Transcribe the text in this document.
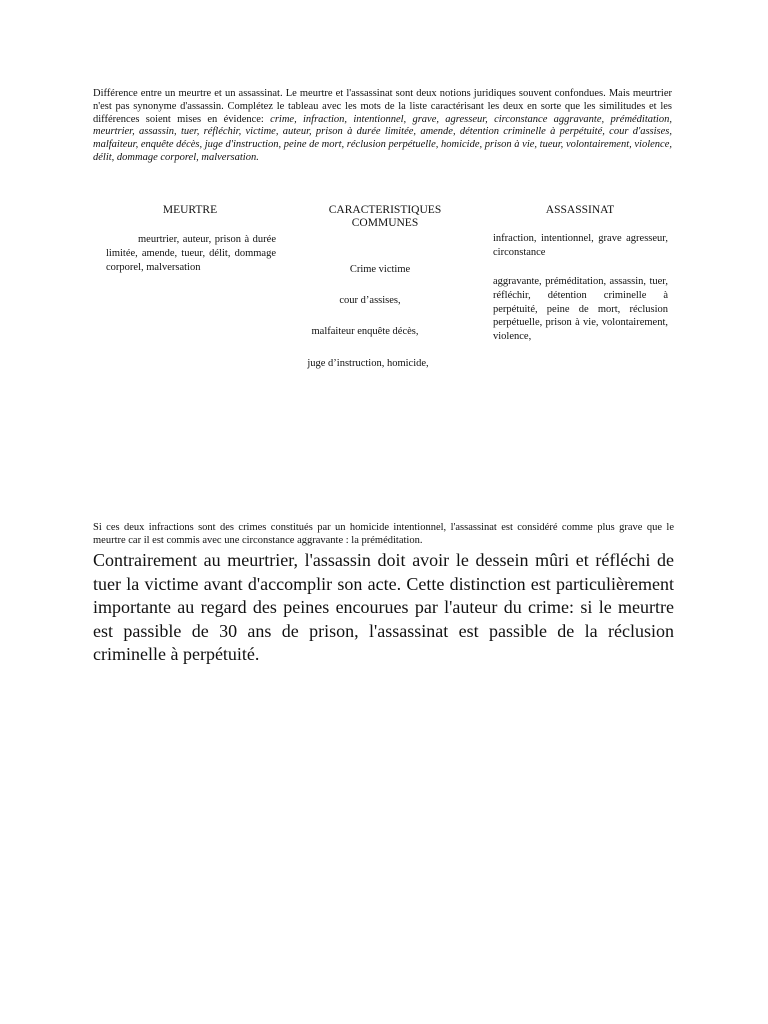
Différence entre un meurtre et un assassinat. Le meurtre et l'assassinat sont deux notions juridiques souvent confondues. Mais meurtrier n'est pas synonyme d'assassin. Complétez le tableau avec les mots de la liste caractérisant les deux en sorte que les similitudes et les différences soient mises en évidence: crime, infraction, intentionnel, grave, agresseur, circonstance aggravante, préméditation, meurtrier, assassin, tuer, réfléchir, victime, auteur, prison à durée limitée, amende, détention criminelle à perpétuité, cour d'assises, malfaiteur, enquête décès, juge d'instruction, peine de mort, réclusion perpétuelle, homicide, prison à vie, tueur, volontairement, violence, délit, dommage corporel, malversation.

MEURTRE	CARACTERISTIQUES COMMUNES
ASSASSINAT
meurtrier, auteur, prison à durée limitée, amende, tueur, délit, dommage corporel, malversation	Crime victime
cour d’assises,
malfaiteur enquête décès,
juge d’instruction, homicide,
infraction, intentionnel, grave agresseur, circonstance
aggravante, préméditation, assassin, tuer, réfléchir, détention criminelle à perpétuité, peine de mort, réclusion perpétuelle, prison à vie, volontairement, violence,

Si ces deux infractions sont des crimes constitués par un homicide intentionnel, l'assassinat est considéré comme plus grave que le meurtre car il est commis avec une circonstance aggravante : la préméditation.

Contrairement au meurtrier, l'assassin doit avoir le dessein mûri et réfléchi de tuer la victime avant d'accomplir son acte. Cette distinction est particulièrement importante au regard des peines encourues par l'auteur du crime: si le meurtre est passible de 30 ans de prison, l'assassinat est passible de la réclusion criminelle à perpétuité.
